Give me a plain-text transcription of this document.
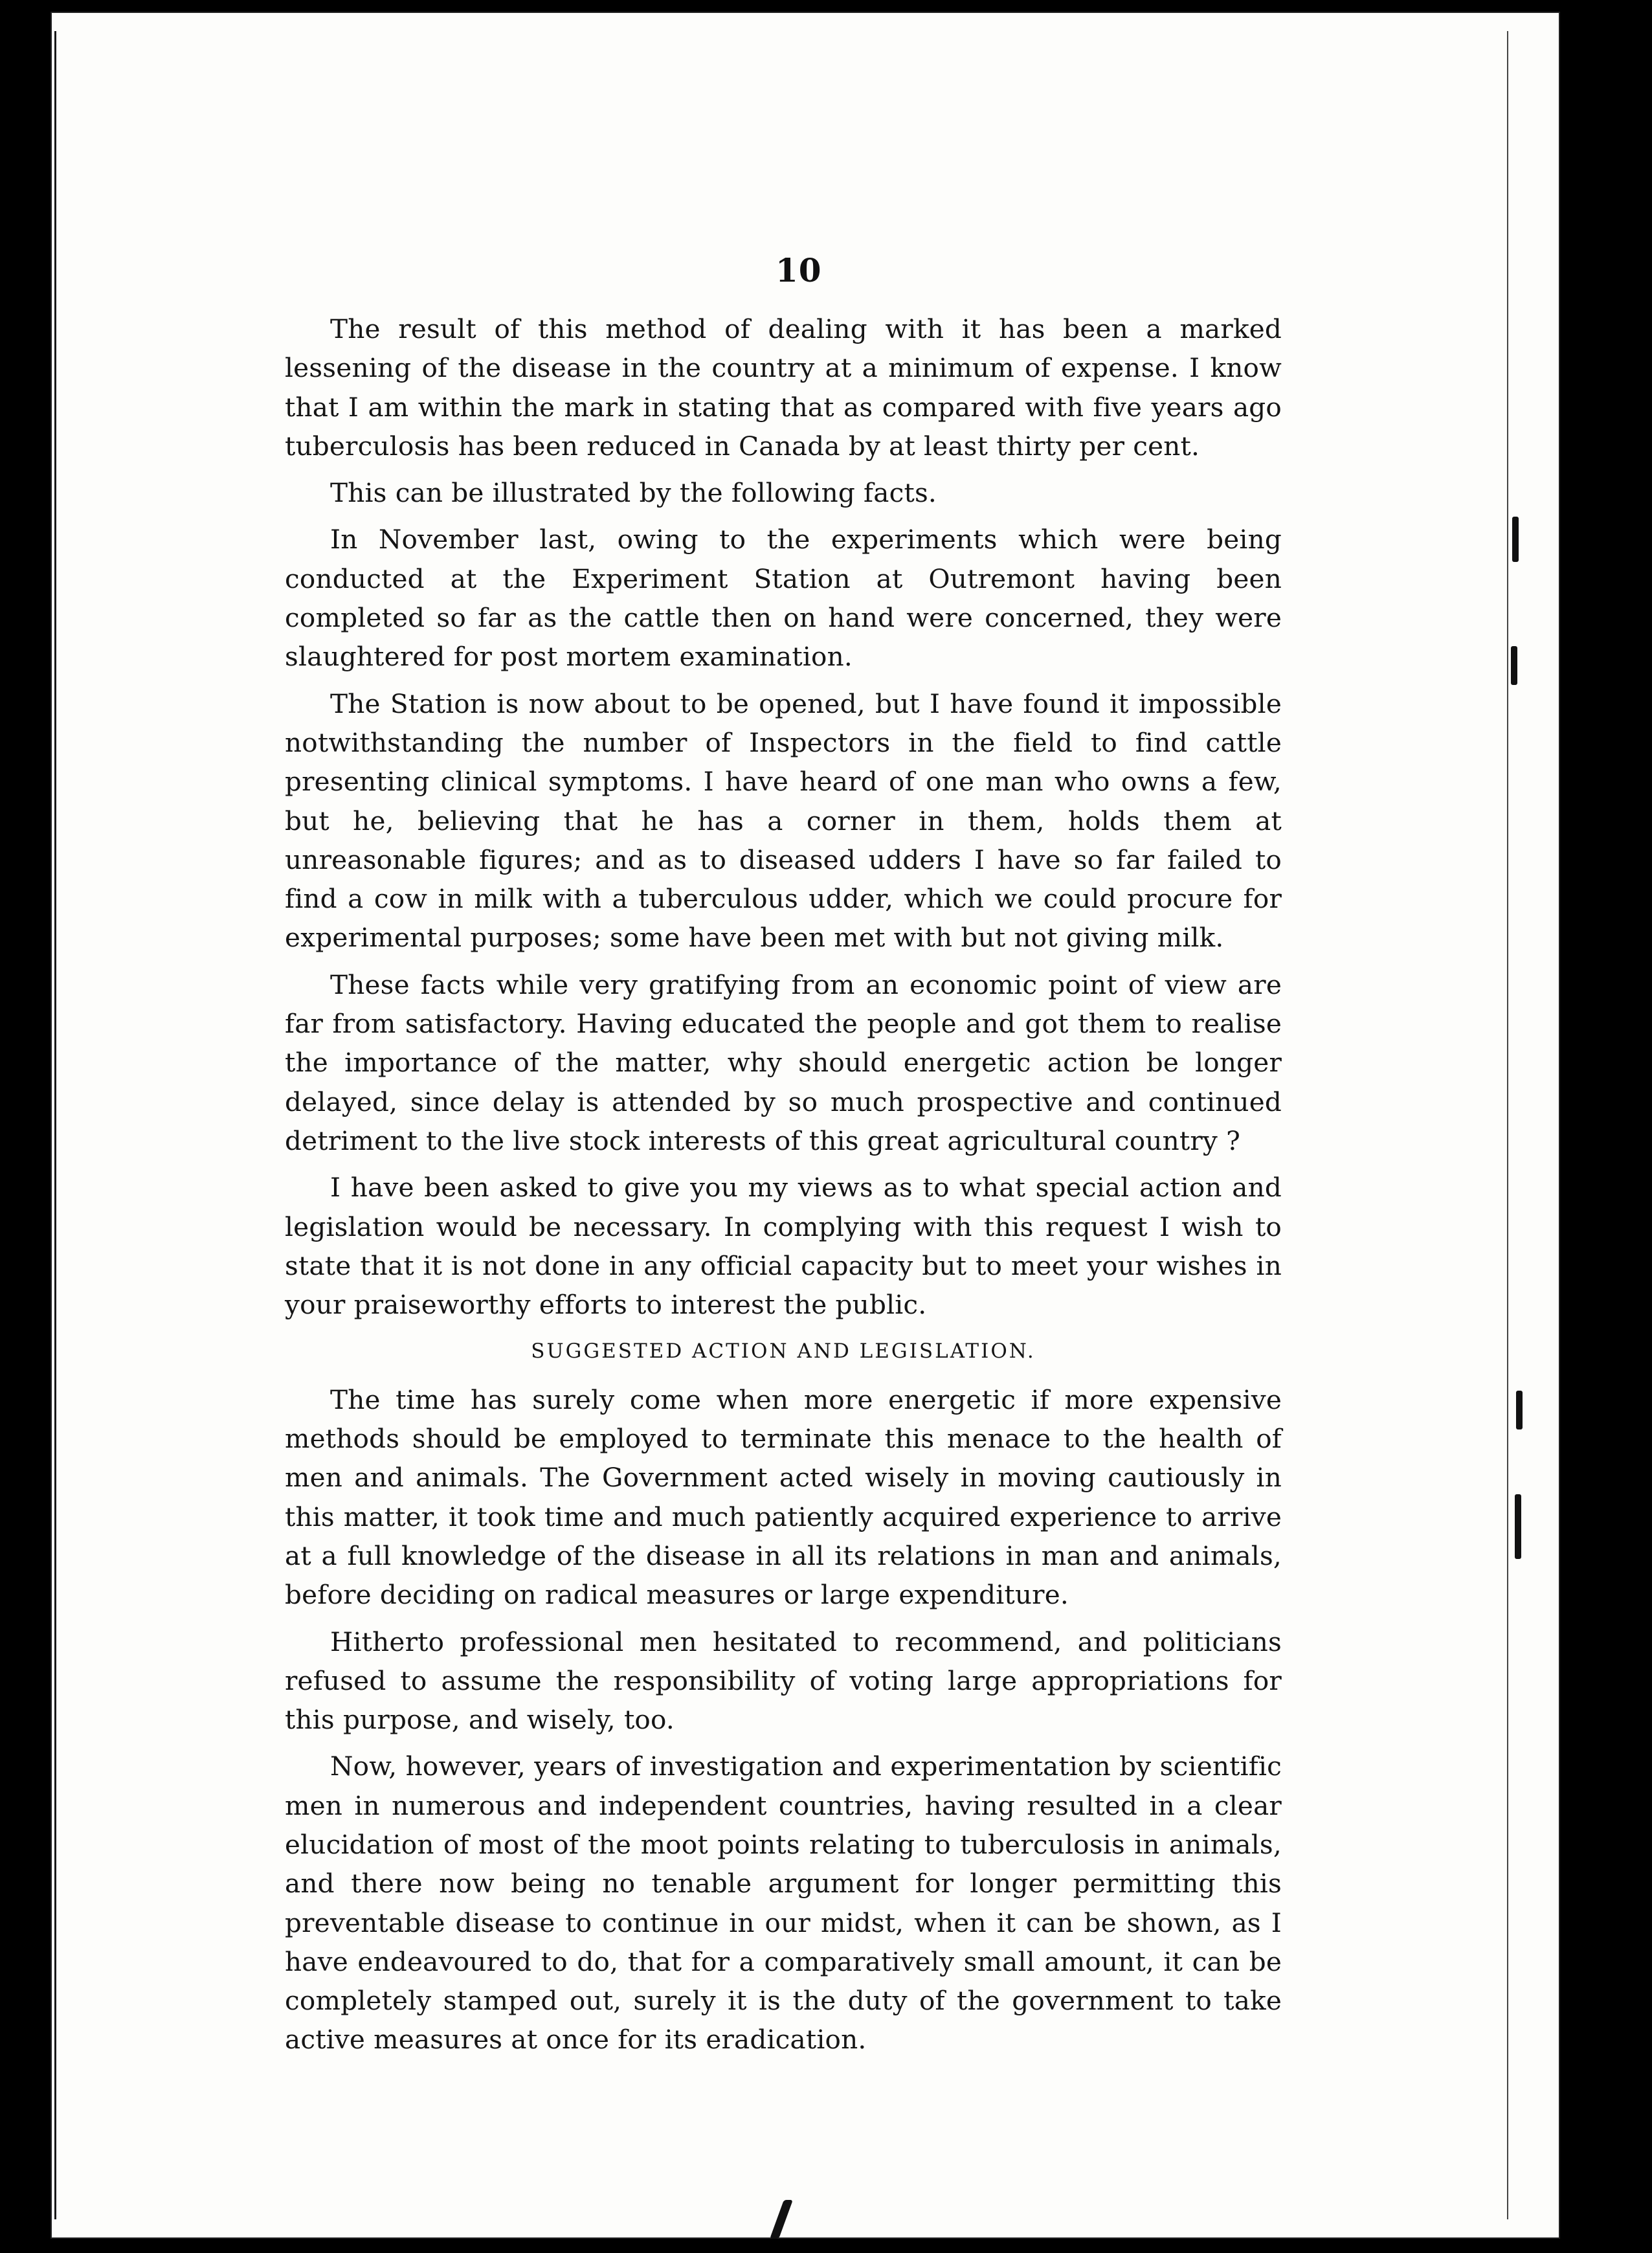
10

The result of this method of dealing with it has been a marked lessening of the disease in the country at a minimum of expense. I know that I am within the mark in stating that as compared with five years ago tuberculosis has been reduced in Canada by at least thirty per cent.

This can be illustrated by the following facts.

In November last, owing to the experiments which were being conducted at the Experiment Station at Outremont having been completed so far as the cattle then on hand were concerned, they were slaughtered for post mortem examination.

The Station is now about to be opened, but I have found it impossible notwithstanding the number of Inspectors in the field to find cattle presenting clinical symptoms. I have heard of one man who owns a few, but he, believing that he has a corner in them, holds them at unreasonable figures; and as to diseased udders I have so far failed to find a cow in milk with a tuberculous udder, which we could procure for experimental purposes; some have been met with but not giving milk.

These facts while very gratifying from an economic point of view are far from satisfactory. Having educated the people and got them to realise the importance of the matter, why should energetic action be longer delayed, since delay is attended by so much prospective and continued detriment to the live stock interests of this great agricultural country ?

I have been asked to give you my views as to what special action and legislation would be necessary. In complying with this request I wish to state that it is not done in any official capacity but to meet your wishes in your praiseworthy efforts to interest the public.

SUGGESTED ACTION AND LEGISLATION.

The time has surely come when more energetic if more expensive methods should be employed to terminate this menace to the health of men and animals. The Government acted wisely in moving cautiously in this matter, it took time and much patiently acquired experience to arrive at a full knowledge of the disease in all its relations in man and animals, before deciding on radical measures or large expenditure.

Hitherto professional men hesitated to recommend, and politicians refused to assume the responsibility of voting large appropriations for this purpose, and wisely, too.

Now, however, years of investigation and experimentation by scientific men in numerous and independent countries, having resulted in a clear elucidation of most of the moot points relating to tuberculosis in animals, and there now being no tenable argument for longer permitting this preventable disease to continue in our midst, when it can be shown, as I have endeavoured to do, that for a comparatively small amount, it can be completely stamped out, surely it is the duty of the government to take active measures at once for its eradication.
